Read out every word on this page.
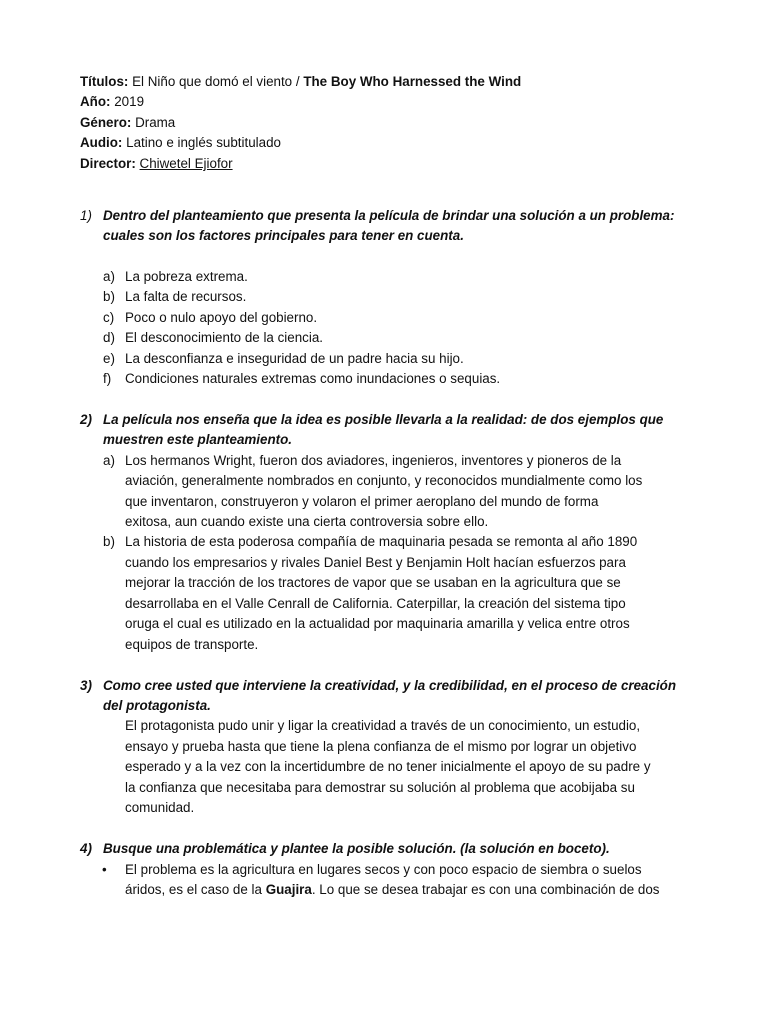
Títulos: El Niño que domó el viento / The Boy Who Harnessed the Wind
Año: 2019
Género: Drama
Audio: Latino e inglés subtitulado
Director: Chiwetel Ejiofor
1) Dentro del planteamiento que presenta la película de brindar una solución a un problema:
cuales son los factores principales para tener en cuenta.
a) La pobreza extrema.
b) La falta de recursos.
c) Poco o nulo apoyo del gobierno.
d) El desconocimiento de la ciencia.
e) La desconfianza e inseguridad de un padre hacia su hijo.
f) Condiciones naturales extremas como inundaciones o sequias.
2) La película nos enseña que la idea es posible llevarla a la realidad: de dos ejemplos que
muestren este planteamiento.
a) Los hermanos Wright, fueron dos aviadores, ingenieros, inventores y pioneros de la
aviación, generalmente nombrados en conjunto, y reconocidos mundialmente como los
que inventaron, construyeron y volaron el primer aeroplano del mundo de forma
exitosa, aun cuando existe una cierta controversia sobre ello.
b) La historia de esta poderosa compañía de maquinaria pesada se remonta al año 1890
cuando los empresarios y rivales Daniel Best y Benjamin Holt hacían esfuerzos para
mejorar la tracción de los tractores de vapor que se usaban en la agricultura que se
desarrollaba en el Valle Cenrall de California. Caterpillar, la creación del sistema tipo
oruga el cual es utilizado en la actualidad por maquinaria amarilla y velica entre otros
equipos de transporte.
3) Como cree usted que interviene la creatividad, y la credibilidad, en el proceso de creación
del protagonista.
El protagonista pudo unir y ligar la creatividad a través de un conocimiento, un estudio,
ensayo y prueba hasta que tiene la plena confianza de el mismo por lograr un objetivo
esperado y a la vez con la incertidumbre de no tener inicialmente el apoyo de su padre y
la confianza que necesitaba para demostrar su solución al problema que acobijaba su
comunidad.
4) Busque una problemática y plantee la posible solución. (la solución en boceto).
• El problema es la agricultura en lugares secos y con poco espacio de siembra o suelos
áridos, es el caso de la Guajira. Lo que se desea trabajar es con una combinación de dos
